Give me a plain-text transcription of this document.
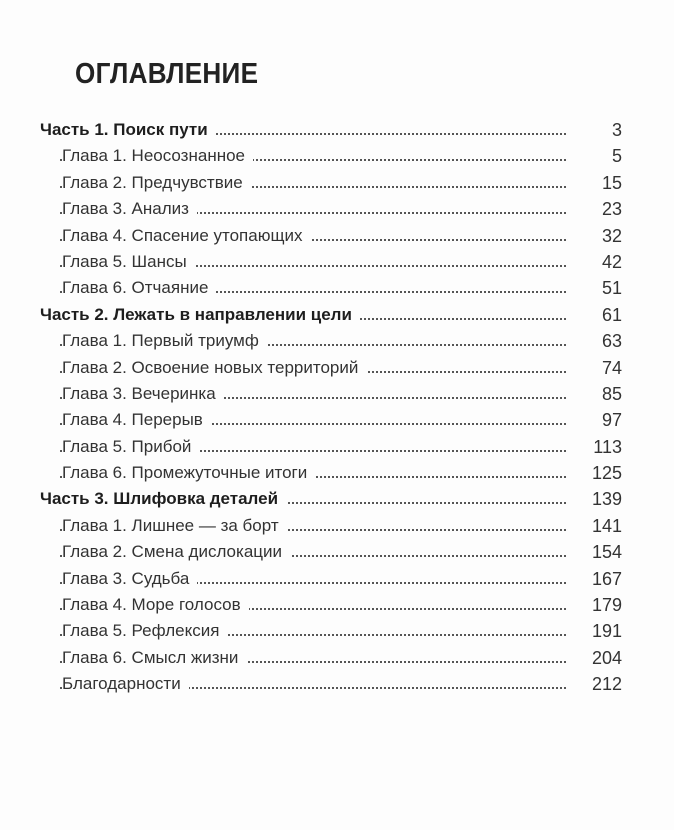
ОГЛАВЛЕНИЕ
Часть 1. Поиск пути	3
Глава 1. Неосознанное	5
Глава 2. Предчувствие	15
Глава 3. Анализ	23
Глава 4. Спасение утопающих	32
Глава 5. Шансы	42
Глава 6. Отчаяние	51
Часть 2. Лежать в направлении цели	61
Глава 1. Первый триумф	63
Глава 2. Освоение новых территорий	74
Глава 3. Вечеринка	85
Глава 4. Перерыв	97
Глава 5. Прибой	113
Глава 6. Промежуточные итоги	125
Часть 3. Шлифовка деталей	139
Глава 1. Лишнее — за борт	141
Глава 2. Смена дислокации	154
Глава 3. Судьба	167
Глава 4. Море голосов	179
Глава 5. Рефлексия	191
Глава 6. Смысл жизни	204
Благодарности	212
